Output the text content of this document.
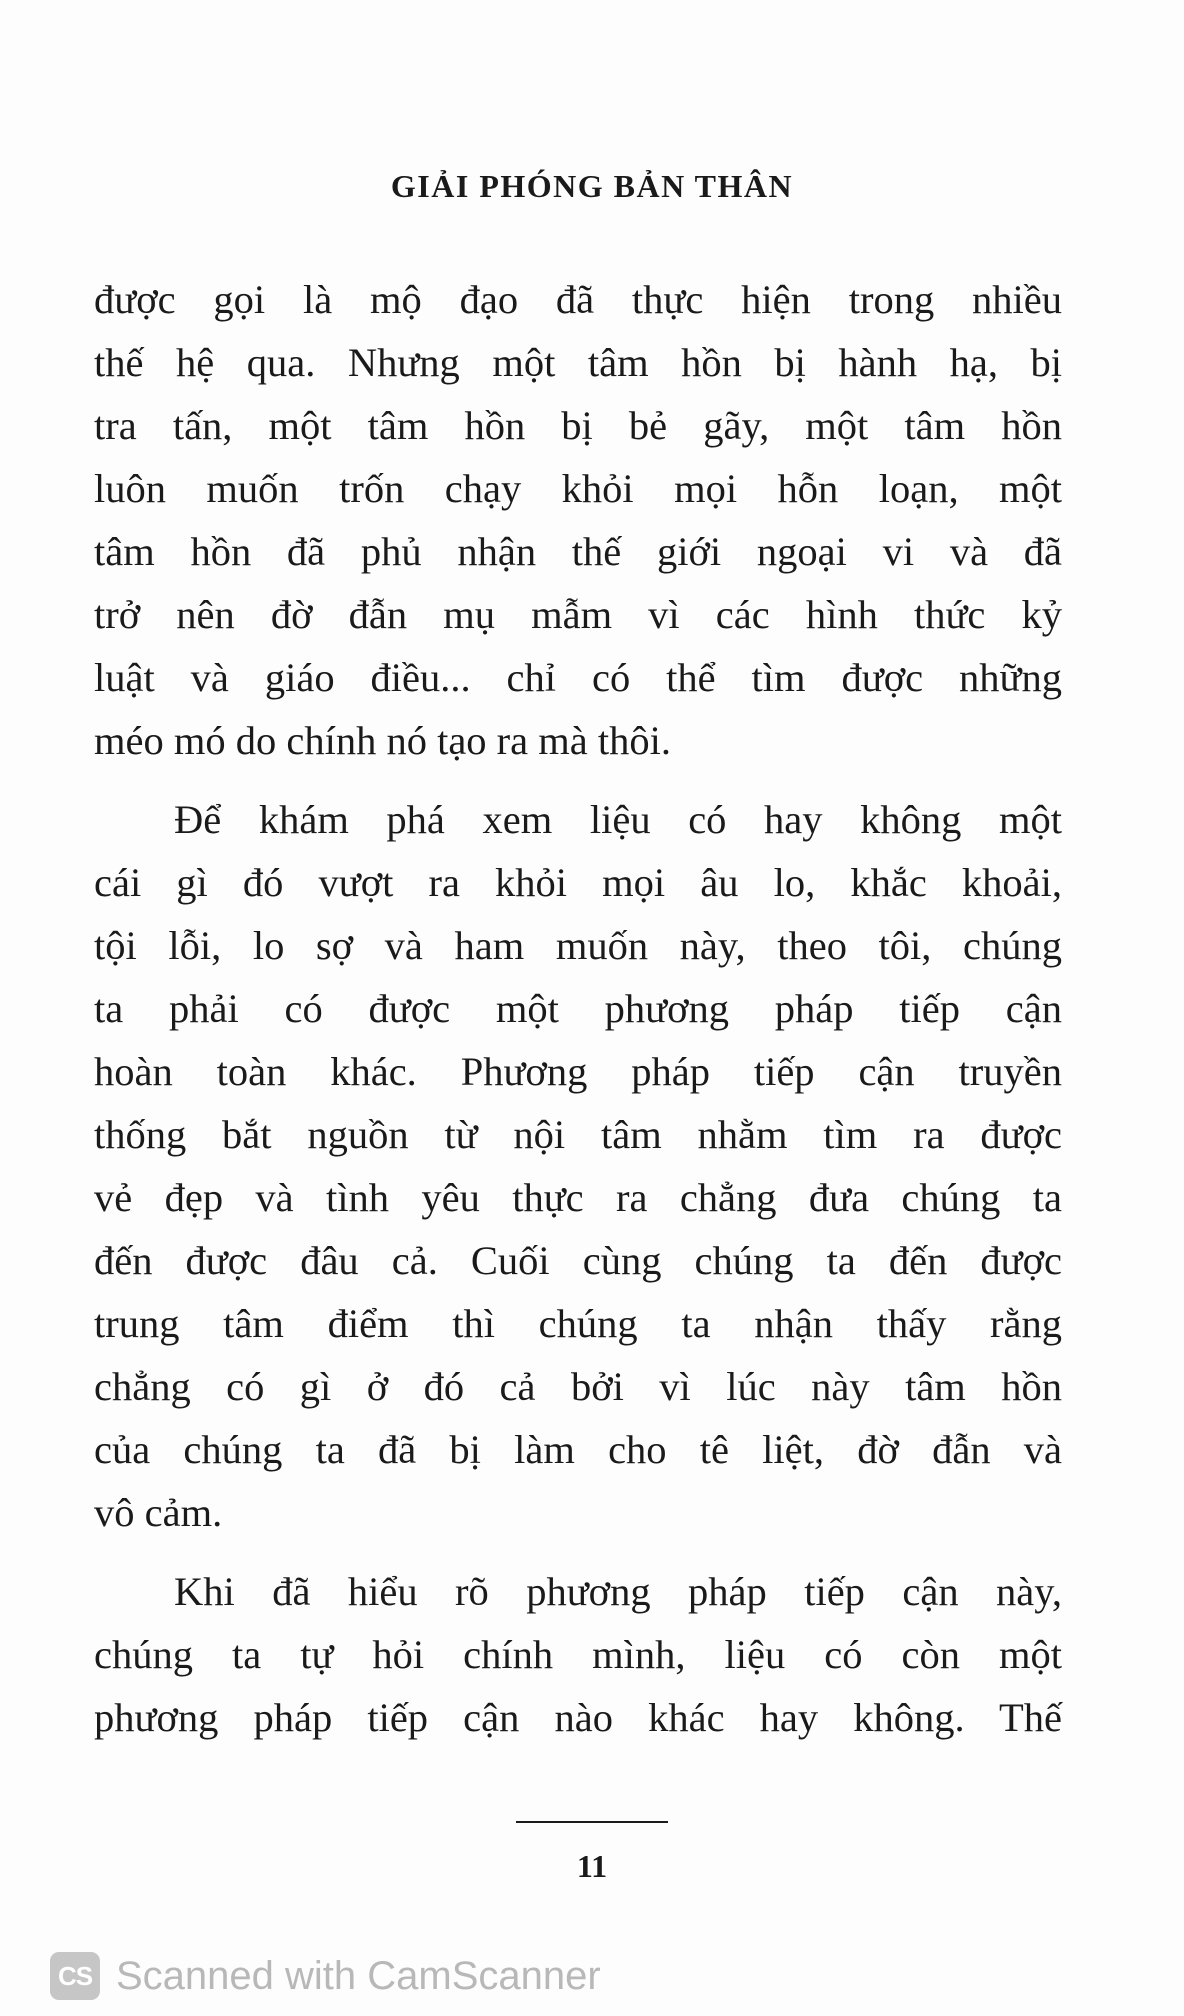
GIẢI PHÓNG BẢN THÂN
được gọi là mộ đạo đã thực hiện trong nhiều
thế hệ qua. Nhưng một tâm hồn bị hành hạ, bị
tra tấn, một tâm hồn bị bẻ gãy, một tâm hồn
luôn muốn trốn chạy khỏi mọi hỗn loạn, một
tâm hồn đã phủ nhận thế giới ngoại vi và đã
trở nên đờ đẫn mụ mẫm vì các hình thức kỷ
luật và giáo điều... chỉ có thể tìm được những
méo mó do chính nó tạo ra mà thôi.
Để khám phá xem liệu có hay không một
cái gì đó vượt ra khỏi mọi âu lo, khắc khoải,
tội lỗi, lo sợ và ham muốn này, theo tôi, chúng
ta phải có được một phương pháp tiếp cận
hoàn toàn khác. Phương pháp tiếp cận truyền
thống bắt nguồn từ nội tâm nhằm tìm ra được
vẻ đẹp và tình yêu thực ra chẳng đưa chúng ta
đến được đâu cả. Cuối cùng chúng ta đến được
trung tâm điểm thì chúng ta nhận thấy rằng
chẳng có gì ở đó cả bởi vì lúc này tâm hồn
của chúng ta đã bị làm cho tê liệt, đờ đẫn và
vô cảm.
Khi đã hiểu rõ phương pháp tiếp cận này,
chúng ta tự hỏi chính mình, liệu có còn một
phương pháp tiếp cận nào khác hay không. Thế
11
CS Scanned with CamScanner
